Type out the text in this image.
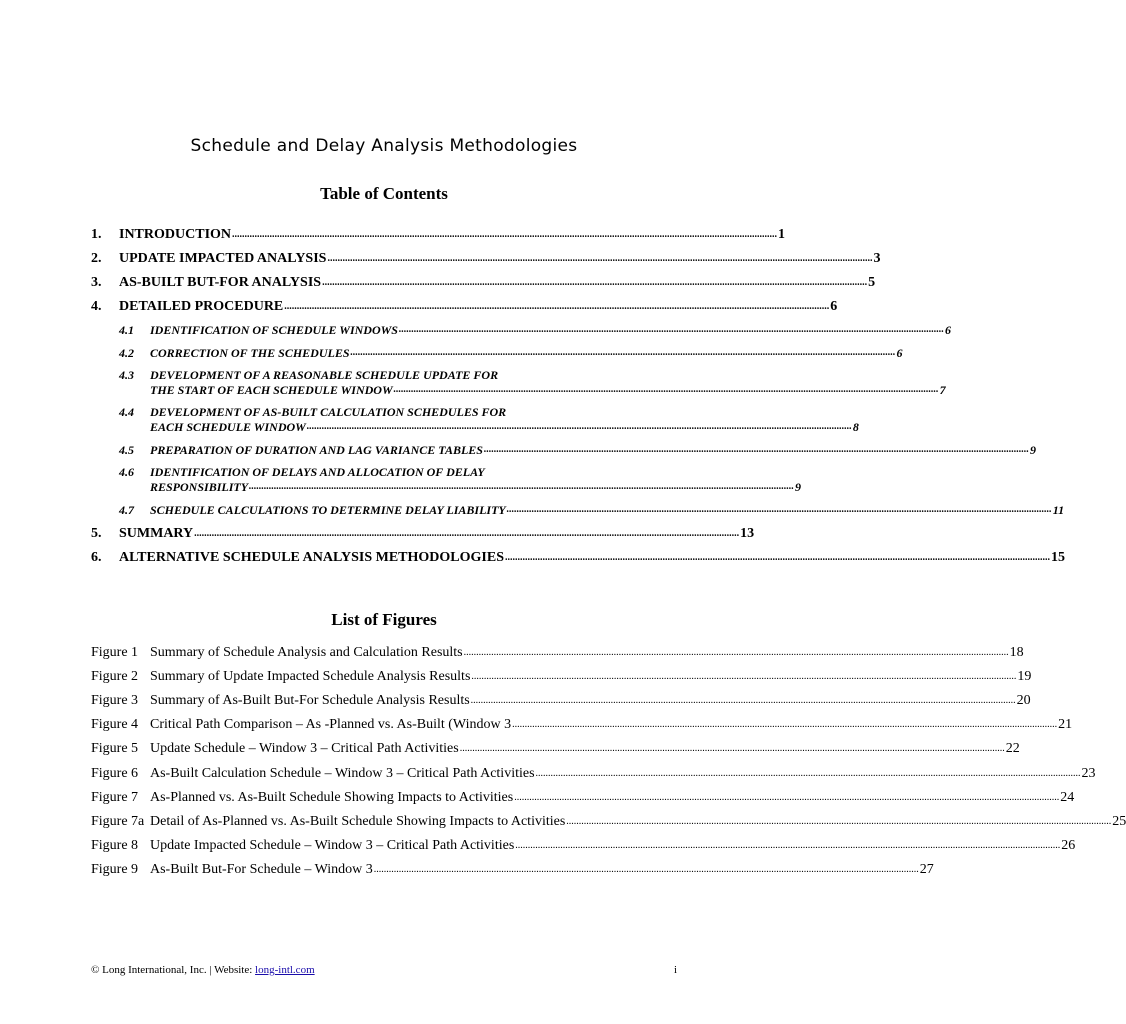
Schedule and Delay Analysis Methodologies
Table of Contents
1.	INTRODUCTION .......................................................................................................................................................................................................................... 1
2.	UPDATE IMPACTED ANALYSIS .......................................................................................................................................................................................................................... 3
3.	AS-BUILT BUT-FOR ANALYSIS .......................................................................................................................................................................................................................... 5
4.	DETAILED PROCEDURE .......................................................................................................................................................................................................................... 6
4.1	IDENTIFICATION OF SCHEDULE WINDOWS .......................................................................................................................................................................................................................... 6
4.2	CORRECTION OF THE SCHEDULES .......................................................................................................................................................................................................................... 6
4.3	DEVELOPMENT OF A REASONABLE SCHEDULE UPDATE FOR
THE START OF EACH SCHEDULE WINDOW .......................................................................................................................................................................................................................... 7
4.4	DEVELOPMENT OF AS-BUILT CALCULATION SCHEDULES FOR
EACH SCHEDULE WINDOW .......................................................................................................................................................................................................................... 8
4.5	PREPARATION OF DURATION AND LAG VARIANCE TABLES .......................................................................................................................................................................................................................... 9
4.6	IDENTIFICATION OF DELAYS AND ALLOCATION OF DELAY
RESPONSIBILITY .......................................................................................................................................................................................................................... 9
4.7	SCHEDULE CALCULATIONS TO DETERMINE DELAY LIABILITY .......................................................................................................................................................................................................................... 11
5.	SUMMARY .......................................................................................................................................................................................................................... 13
6.	ALTERNATIVE SCHEDULE ANALYSIS METHODOLOGIES .......................................................................................................................................................................................................................... 15
List of Figures
Figure 1 Summary of Schedule Analysis and Calculation Results .......................................................................................................................................................................................................................... 18
Figure 2 Summary of Update Impacted Schedule Analysis Results .......................................................................................................................................................................................................................... 19
Figure 3 Summary of As-Built But-For Schedule Analysis Results .......................................................................................................................................................................................................................... 20
Figure 4 Critical Path Comparison – As -Planned vs. As-Built (Window 3 .......................................................................................................................................................................................................................... 21
Figure 5 Update Schedule – Window 3 – Critical Path Activities .......................................................................................................................................................................................................................... 22
Figure 6 As-Built Calculation Schedule – Window 3 – Critical Path Activities .......................................................................................................................................................................................................................... 23
Figure 7 As-Planned vs. As-Built Schedule Showing Impacts to Activities .......................................................................................................................................................................................................................... 24
Figure 7a Detail of As-Planned vs. As-Built Schedule Showing Impacts to Activities .......................................................................................................................................................................................................................... 25
Figure 8 Update Impacted Schedule – Window 3 – Critical Path Activities .......................................................................................................................................................................................................................... 26
Figure 9 As-Built But-For Schedule – Window 3 .......................................................................................................................................................................................................................... 27
© Long International, Inc. | Website: long-intl.com	i
